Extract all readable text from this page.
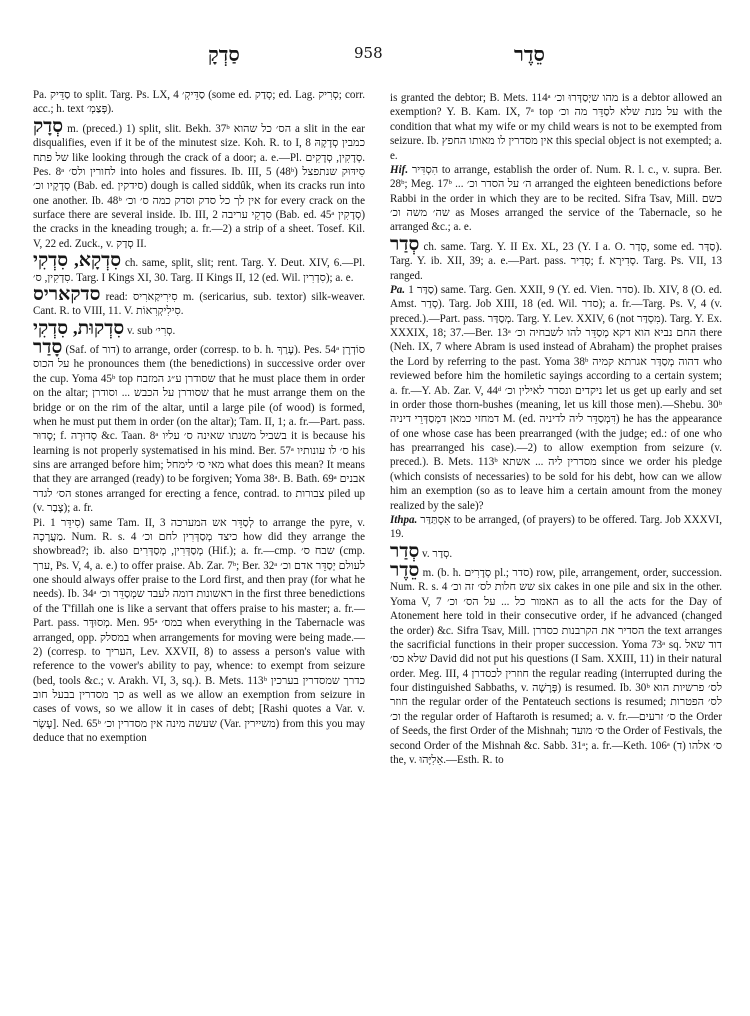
סַדְקָ	958	סֵדֶר

Pa. סַדֵּיק to split. Targ. Ps. LX, 4 סַדֵּיקְ׳ (some ed. סְדַק; ed. Lag. סְרִיק; corr. acc.; h. text פְּצַמְ׳).

סְדָק m. (preced.) 1) split, slit. Bekh. 37ᵇ הס׳ כל שהוא a slit in the ear disqualifies, even if it be of the minutest size. Koh. R. to I, 8 כמבין סְדָקָהּ של פתח like looking through the crack of a door; a. e.—Pl. סְדָקִין, סְדָקִים. Pes. 8ᵃ לחורין ולס׳ into holes and fissures. Ib. III, 5 (48ᵇ) סִידּוּק שנתפצל סְדָקָיו וכ׳ (Bab. ed. סידקין) dough is called siddûk, when its cracks run into one another. Ib. 48ᵇ אין לך כל סדק וסדק כמה ס׳ וכ׳ for every crack on the surface there are several inside. Ib. III, 2 סִדְקֵי עריבה (Bab. ed. 45ᵃ סְדָקִין) the cracks in the kneading trough; a. fr.—2) a strip of a sheet. Tosef. Kil. V, 22 ed. Zuck., v. סְדַק II.

סִדְקָא, סִדְקִי ch. same, split, slit; rent. Targ. Y. Deut. XIV, 6.—Pl. סִדְקִין, ס׳. Targ. I Kings XI, 30. Targ. II Kings II, 12 (ed. Wil. סִדְרִין); a. e.

סדקאריס read: סִירִיקַארִיס m. (sericarius, sub. textor) silk-weaver. Cant. R. to VIII, 11. V. סִילִיקְרִאוֹת.

סִדְקוּת, סִדְקִי v. sub סְרִי׳.

סָדַר (Saf. of דור) to arrange, order (corresp. to b. h. עָרַךְ). Pes. 54ᵃ סוֹדְרָן על הכוס he pronounces them (the benedictions) in successive order over the cup. Yoma 45ᵇ top שסודרן ע״ג המזבח that he must place them in order on the altar; שסודרן על הכבש ... וסודרן that he must arrange them on the bridge or on the rim of the altar, until a large pile (of wood) is formed, when he must put them in order (on the altar); Tam. II, 1; a. fr.—Part. pass. סָדוּר; f. סְדוּרָה &c. Taan. 8ᵃ בשביל משנתו שאינה ס׳ עליו it is because his learning is not properly systematised in his mind. Ber. 57ᵃ ס׳ לו עונותיו his sins are arranged before him; מאי ס׳ לימחל what does this mean? It means that they are arranged (ready) to be forgiven; Yoma 38ᵃ. B. Bath. 69ᵃ אבנים הס׳ לגדר stones arranged for erecting a fence, contrad. to צבורות piled up (v. צָבַר); a. fr.

Pi. סִידֵּר 1) same Tam. II, 3 לְסַדֵּר אש המערכה to arrange the pyre, v. מַעֲרָכָה. Num. R. s. 4 כיצד מְסַדְּרִין לחם וכ׳ how did they arrange the showbread?; ib. also מְסַדְּרִין, מְסַדְּרִים (Hif.); a. fr.—cmp. שבח ס׳ (cmp. ערך, Ps. V, 4, a. e.) to offer praise. Ab. Zar. 7ᵇ; Ber. 32ᵃ לעולם יְסַדֵּר אדם וכ׳ one should always offer praise to the Lord first, and then pray (for what he needs). Ib. 34ᵃ ראשונות דומה לעבד שמְסַדֵּר וכ׳ in the first three benedictions of the T'fillah one is like a servant that offers praise to his master; a. fr.—Part. pass. מְסוּדָּר. Men. 95ᵃ במס׳ when everything in the Tabernacle was arranged, opp. במסלק when arrangements for moving were being made.—2) (corresp. to העריך, Lev. XXVII, 8) to assess a person's value with reference to the vower's ability to pay, whence: to exempt from seizure (bed, tools &c.; v. Arakh. VI, 3, sq.). B. Mets. 113ᵇ כדרך שמסדרין בערכין כך מסדרין בבעל חוב as well as we allow an exemption from seizure in cases of vows, so we allow it in cases of debt; [Rashi quotes a Var. v. עָשָׂר]. Ned. 65ᵇ שעשה מינה אין מסדרין וכ׳ (Var. משיירין) from this you may deduce that no exemption

is granted the debtor; B. Mets. 114ᵃ מהו שיְסַדְּרוּ וכ׳ is a debtor allowed an exemption? Y. B. Kam. IX, 7ᵃ top על מנת שלא לסַדֵּר מה וכ׳ with the condition that what my wife or my child wears is not to be exempted from seizure. Ib. אין מסדרין לו מאותו החפץ this special object is not exempted; a. e.

Hif. הִסְדִּיר to arrange, establish the order of. Num. R. l. c., v. supra. Ber. 28ᵇ; Meg. 17ᵇ ... ה׳ על הסדר וכ׳ arranged the eighteen benedictions before Rabbi in the order in which they are to be recited. Sifra Tsav, Mill. כשם שה׳ משה וכ׳ as Moses arranged the service of the Tabernacle, so he arranged &c.; a. e.

סְדַר ch. same. Targ. Y. II Ex. XL, 23 (Y. I a. O. סְדַר, some ed. סַדַּר). Targ. Y. ib. XII, 39; a. e.—Part. pass. סְדִיר; f. סְדִירָא. Targ. Ps. VII, 13 ranged.

Pa. סַדַּר 1) same. Targ. Gen. XXII, 9 (Y. ed. Vien. סדר). Ib. XIV, 8 (O. ed. Amst. סְדַר). Targ. Job XIII, 18 (ed. Wil. סדר); a. fr.—Targ. Ps. V, 4 (v. preced.).—Part. pass. מְסַדַּר. Targ. Y. Lev. XXIV, 6 (not מִסְדַּר). Targ. Y. Ex. XXXIX, 18; 37.—Ber. 13ᵃ החם נביא הוא דקא מְסַדֵּר להו לשבחיה וכ׳ there (Neh. IX, 7 where Abram is used instead of Abraham) the prophet praises the Lord by referring to the past. Yoma 38ᵇ דהוה מְסַדַּר אגרתא קמיה who reviewed before him the homiletic sayings according to a certain system; a. fr.—Y. Ab. Zar. V, 44ᵈ ניקדים ונסדר לאילין וכ׳ let us get up early and set in order those thorn-bushes (meaning, let us kill those men).—Shebu. 30ᵇ דמחזי כמאן דמְסַדְּרֵי דיניה M. (ed. דִּמְסַדֵּר ליה לדיניה) he has the appearance of one whose case has been prearranged (with the judge; ed.: of one who has prearranged his case).—2) to allow exemption from seizure (v. preced.). B. Mets. 113ᵇ מסדרין ליה ... אשתא since we order his pledge (which consists of necessaries) to be sold for his debt, how can we allow him an exemption (so as to leave him a certain amount from the money realized by the sale)?

Ithpa. אִסְתַּדַּר to be arranged, (of prayers) to be offered. Targ. Job XXXVI, 19.

סְדַר v. סְדַר.

סֵדֶר m. (b. h. סְדָרִים pl.; סדר) row, pile, arrangement, order, succession. Num. R. s. 4 שש חלות לס׳ זה וכ׳ six cakes in one pile and six in the other. Yoma V, 7 האמור כל ... על הס׳ וכ׳ as to all the acts for the Day of Atonement here told in their consecutive order, if he advanced (changed the order) &c. Sifra Tsav, Mill. הסדיר את הקרבנות כסדרן the text arranges the sacrificial functions in their proper succession. Yoma 73ᵃ sq. דוד שאל שלא כס׳ David did not put his questions (I Sam. XXIII, 11) in their natural order. Meg. III, 4 חוזרין לכסדרן the regular reading (interrupted during the four distinguished Sabbaths, v. פָּרָשָׁה) is resumed. Ib. 30ᵇ לס׳ פרשיות הוא חוזר the regular order of the Pentateuch sections is resumed; לס׳ הפטרות וכ׳ the regular order of Haftaroth is resumed; a. v. fr.—ס׳ זרעים the Order of Seeds, the first Order of the Mishnah; ס׳ מועד the Order of Festivals, the second Order of the Mishnah &c. Sabb. 31ᵃ; a. fr.—Keth. 106ᵃ ס׳ אלהו (ד) the, v. אֵלִיָּהוּ.—Esth. R. to
